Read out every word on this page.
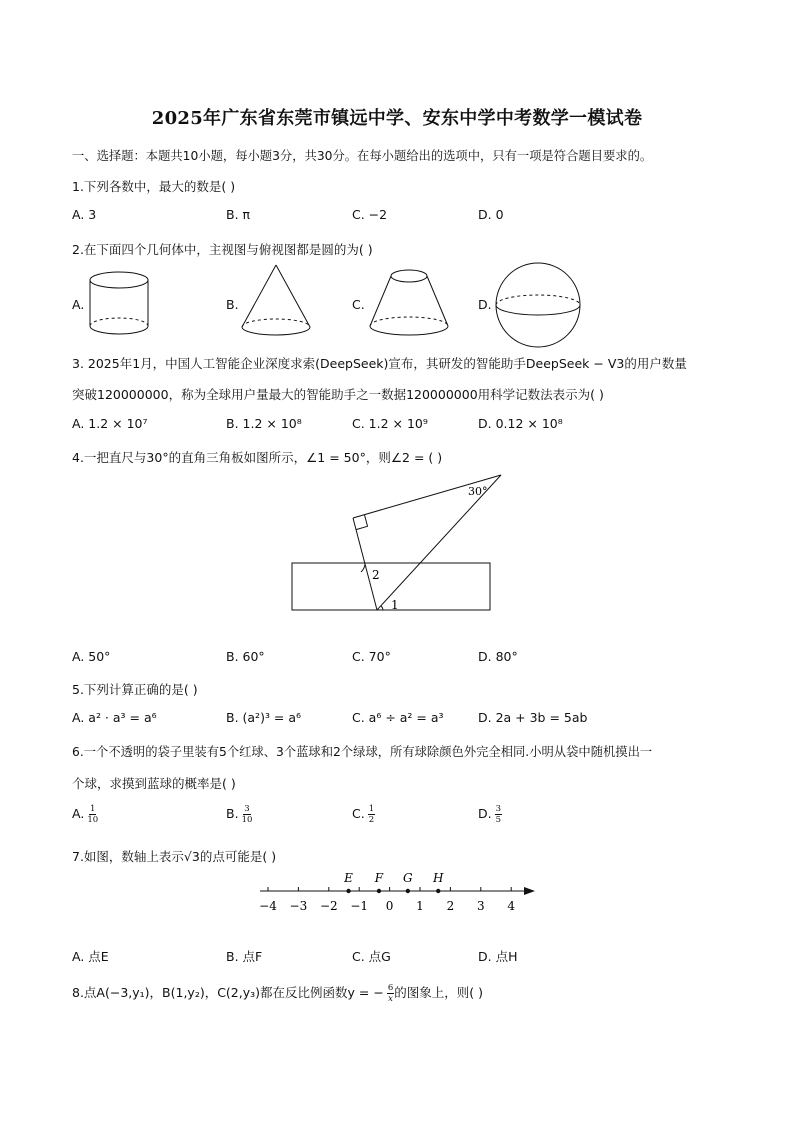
2025年广东省东莞市镇远中学、安东中学中考数学一模试卷
一、选择题：本题共10小题，每小题3分，共30分。在每小题给出的选项中，只有一项是符合题目要求的。
1.下列各数中，最大的数是( )
A. 3	B. π	C. −2	D. 0
2.在下面四个几何体中，主视图与俯视图都是圆的为( )
A.	B.	C.	D.
3. 2025年1月，中国人工智能企业深度求索(DeepSeek)宣布，其研发的智能助手DeepSeek − V3的用户数量
突破120000000，称为全球用户量最大的智能助手之一数据120000000用科学记数法表示为( )
A. 1.2 × 10⁷	B. 1.2 × 10⁸	C. 1.2 × 10⁹	D. 0.12 × 10⁸
4.一把直尺与30°的直角三角板如图所示，∠1 = 50°，则∠2 = ( )
30°
2
1
A. 50°	B. 60°	C. 70°	D. 80°
5.下列计算正确的是( )
A. a² · a³ = a⁶	B. (a²)³ = a⁶	C. a⁶ ÷ a² = a³	D. 2a + 3b = 5ab
6.一个不透明的袋子里装有5个红球、3个蓝球和2个绿球，所有球除颜色外完全相同.小明从袋中随机摸出一
个球，求摸到蓝球的概率是( )
A. $\frac{1}{10}$	B. $\frac{3}{10}$	C. $\frac{1}{2}$	D. $\frac{3}{5}$
7.如图，数轴上表示√3的点可能是( )
−4 −3 −2 −1 0 1 2 3 4
E F G H
A. 点E	B. 点F	C. 点G	D. 点H
8.点A(−3,y₁)，B(1,y₂)，C(2,y₃)都在反比例函数y = − $\frac{6}{x}$ 的图象上，则( )
